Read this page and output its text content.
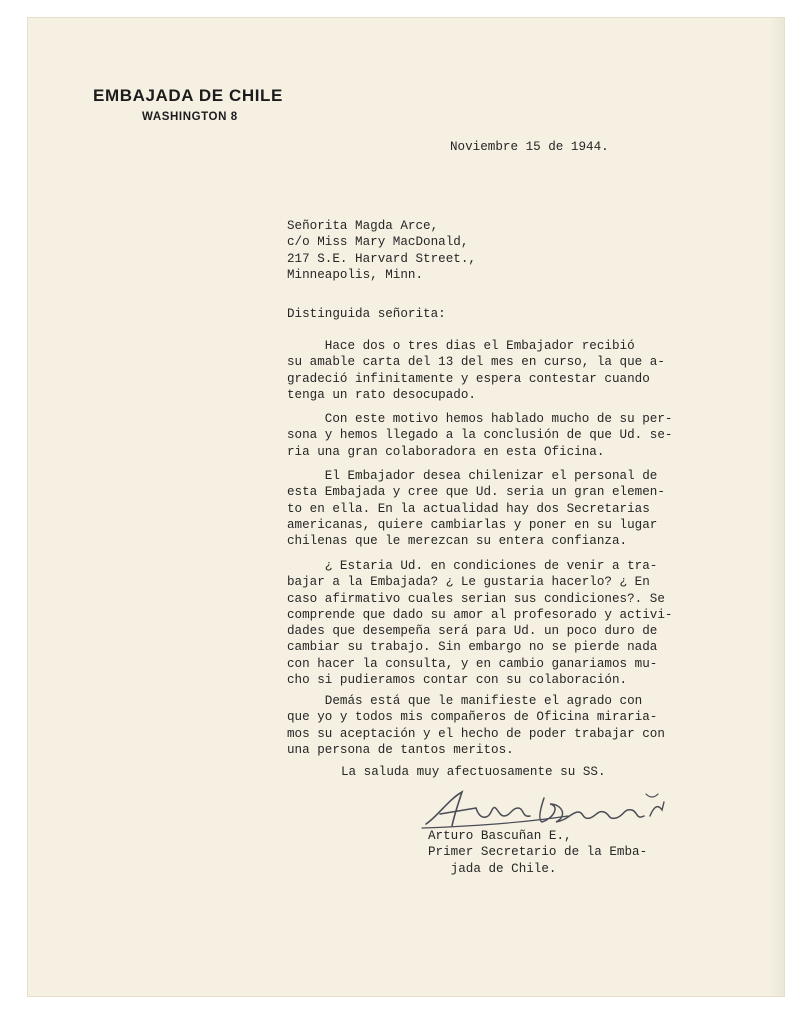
EMBAJADA DE CHILE
WASHINGTON 8
Noviembre 15 de 1944.
Señorita Magda Arce,
c/o Miss Mary MacDonald,
217 S.E. Harvard Street.,
Minneapolis, Minn.
Distinguida señorita:
Hace dos o tres dias el Embajador recibió
su amable carta del 13 del mes en curso, la que a-
gradeció infinitamente y espera contestar cuando
tenga un rato desocupado.
Con este motivo hemos hablado mucho de su per-
sona y hemos llegado a la conclusión de que Ud. se-
ria una gran colaboradora en esta Oficina.
El Embajador desea chilenizar el personal de
esta Embajada y cree que Ud. seria un gran elemen-
to en ella. En la actualidad hay dos Secretarias
americanas, quiere cambiarlas y poner en su lugar
chilenas que le merezcan su entera confianza.
¿ Estaria Ud. en condiciones de venir a tra-
bajar a la Embajada? ¿ Le gustaria hacerlo? ¿ En
caso afirmativo cuales serian sus condiciones?. Se
comprende que dado su amor al profesorado y activi-
dades que desempeña será para Ud. un poco duro de
cambiar su trabajo. Sin embargo no se pierde nada
con hacer la consulta, y en cambio ganariamos mu-
cho si pudieramos contar con su colaboración.
Demás está que le manifieste el agrado con
que yo y todos mis compañeros de Oficina mirariа-
mos su aceptación y el hecho de poder trabajar con
una persona de tantos meritos.
La saluda muy afectuosamente su SS.
Arturo Bascuñan E.,
Primer Secretario de la Emba-
jada de Chile.
